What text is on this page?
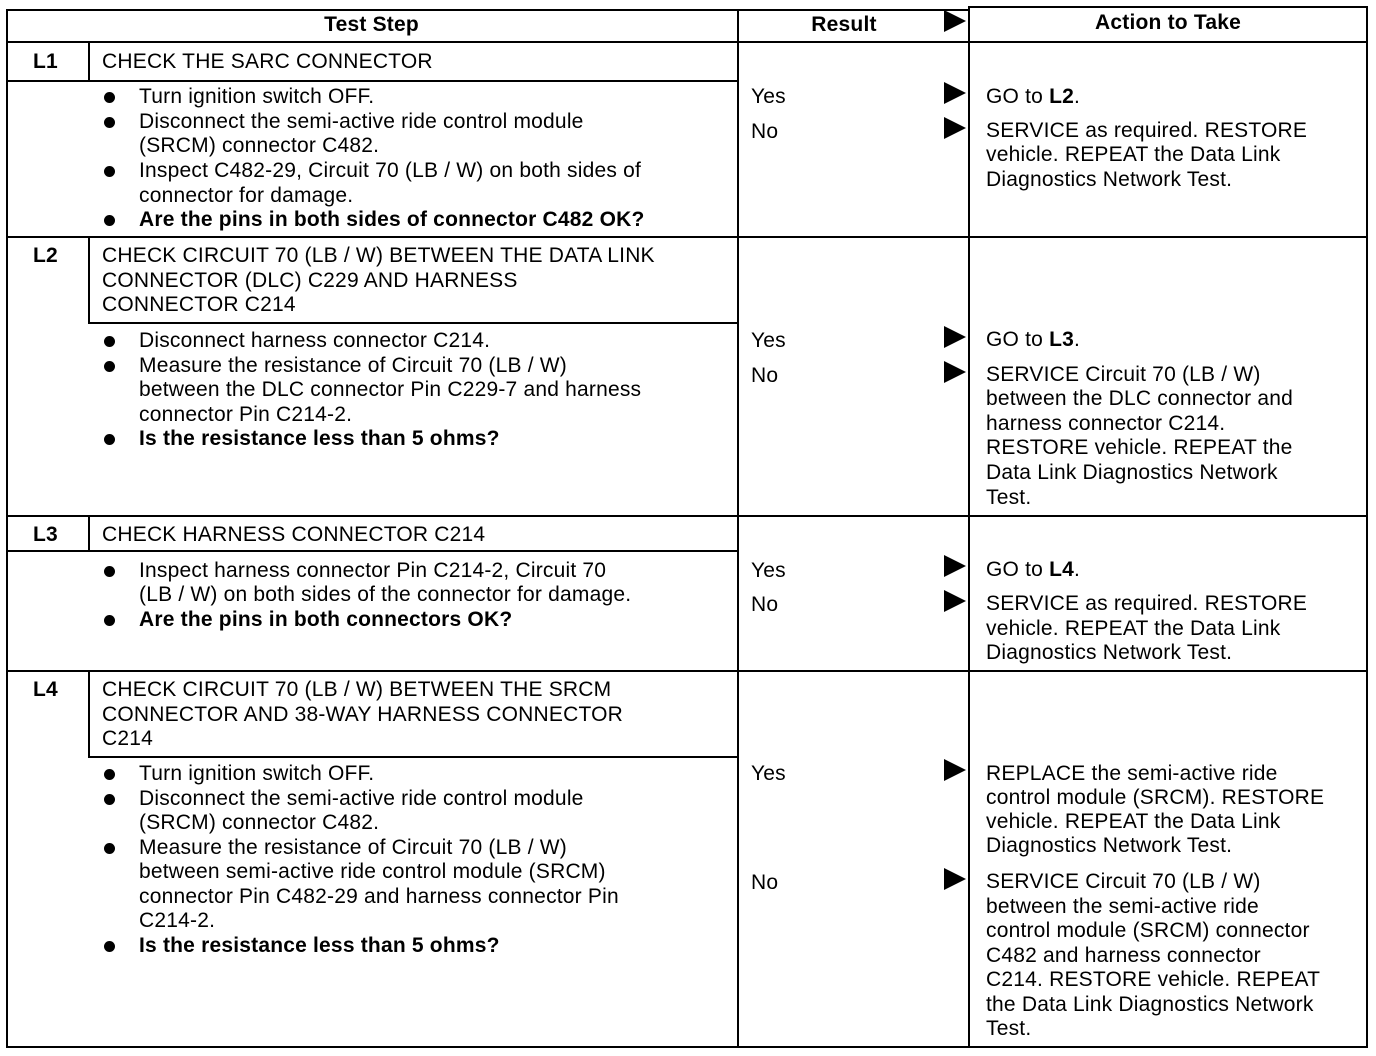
Test Step	Result	Action to Take
L1 CHECK THE SARC CONNECTOR
Turn ignition switch OFF.
Disconnect the semi-active ride control module
(SRCM) connector C482.
Inspect C482-29, Circuit 70 (LB / W) on both sides of
connector for damage.
Are the pins in both sides of connector C482 OK?
Yes
No
GO to L2.
SERVICE as required. RESTORE
vehicle. REPEAT the Data Link
Diagnostics Network Test.
L2 CHECK CIRCUIT 70 (LB / W) BETWEEN THE DATA LINK
CONNECTOR (DLC) C229 AND HARNESS
CONNECTOR C214
Disconnect harness connector C214.
Measure the resistance of Circuit 70 (LB / W)
between the DLC connector Pin C229-7 and harness
connector Pin C214-2.
Is the resistance less than 5 ohms?
Yes
No
GO to L3.
SERVICE Circuit 70 (LB / W)
between the DLC connector and
harness connector C214.
RESTORE vehicle. REPEAT the
Data Link Diagnostics Network
Test.
L3 CHECK HARNESS CONNECTOR C214
Inspect harness connector Pin C214-2, Circuit 70
(LB / W) on both sides of the connector for damage.
Are the pins in both connectors OK?
Yes
No
GO to L4.
SERVICE as required. RESTORE
vehicle. REPEAT the Data Link
Diagnostics Network Test.
L4 CHECK CIRCUIT 70 (LB / W) BETWEEN THE SRCM
CONNECTOR AND 38-WAY HARNESS CONNECTOR
C214
Turn ignition switch OFF.
Disconnect the semi-active ride control module
(SRCM) connector C482.
Measure the resistance of Circuit 70 (LB / W)
between semi-active ride control module (SRCM)
connector Pin C482-29 and harness connector Pin
C214-2.
Is the resistance less than 5 ohms?
Yes
No
REPLACE the semi-active ride
control module (SRCM). RESTORE
vehicle. REPEAT the Data Link
Diagnostics Network Test.
SERVICE Circuit 70 (LB / W)
between the semi-active ride
control module (SRCM) connector
C482 and harness connector
C214. RESTORE vehicle. REPEAT
the Data Link Diagnostics Network
Test.
